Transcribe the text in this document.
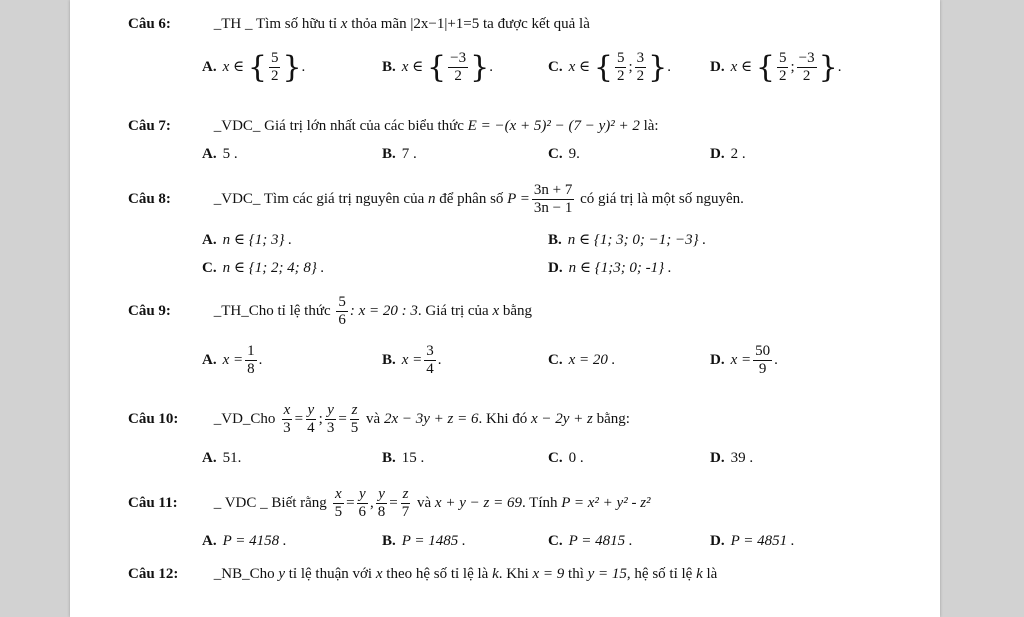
Câu 6:	_TH _ Tìm số hữu tỉ x thỏa mãn |2x−1|+1=5 ta được kết quả là
A. x ∈ { $\frac{5}{2}$ }.	B. x ∈ { $\frac{-3}{2}$ }.	C. x ∈ { $\frac{5}{2}$ ; $\frac{3}{2}$ }.	D. x ∈ { $\frac{5}{2}$ ; $\frac{-3}{2}$ }.
Câu 7:	_VDC_ Giá trị lớn nhất của các biểu thức E = −(x + 5)² − (7 − y)² + 2 là:
A. 5 .	B. 7 .	C. 9.	D. 2 .
Câu 8:	_VDC_ Tìm các giá trị nguyên của n để phân số $P = \frac{3n + 7}{3n - 1}$ có giá trị là một số nguyên.
A. n ∈ {1; 3} .	B. n ∈ {1; 3; 0; −1; −3} .
C. n ∈ {1; 2; 4; 8} .	D. n ∈ {1;3; 0; -1} .
Câu 9:	_TH_Cho tỉ lệ thức $\frac{5}{6}$ : x = 20 : 3. Giá trị của x bằng
A. $x = \frac{1}{8}$ .	B. $x = \frac{3}{4}$ .	C. x = 20 .	D. $x = \frac{50}{9}$ .
Câu 10: _VD_Cho $\frac{x}{3} = \frac{y}{4}$ ; $\frac{y}{3} = \frac{z}{5}$ và 2x − 3y + z = 6. Khi đó x − 2y + z bằng:
A. 51.	B. 15 .	C. 0 .	D. 39 .
Câu 11: _ VDC _ Biết rằng $\frac{x}{5} = \frac{y}{6}$ , $\frac{y}{8} = \frac{z}{7}$ và x + y − z = 69. Tính P = x² + y² - z²
A. P = 4158 .	B. P = 1485 .	C. P = 4815 .	D. P = 4851 .
Câu 12: _NB_Cho y tỉ lệ thuận với x theo hệ số tỉ lệ là k. Khi x = 9 thì y = 15, hệ số tỉ lệ k là
